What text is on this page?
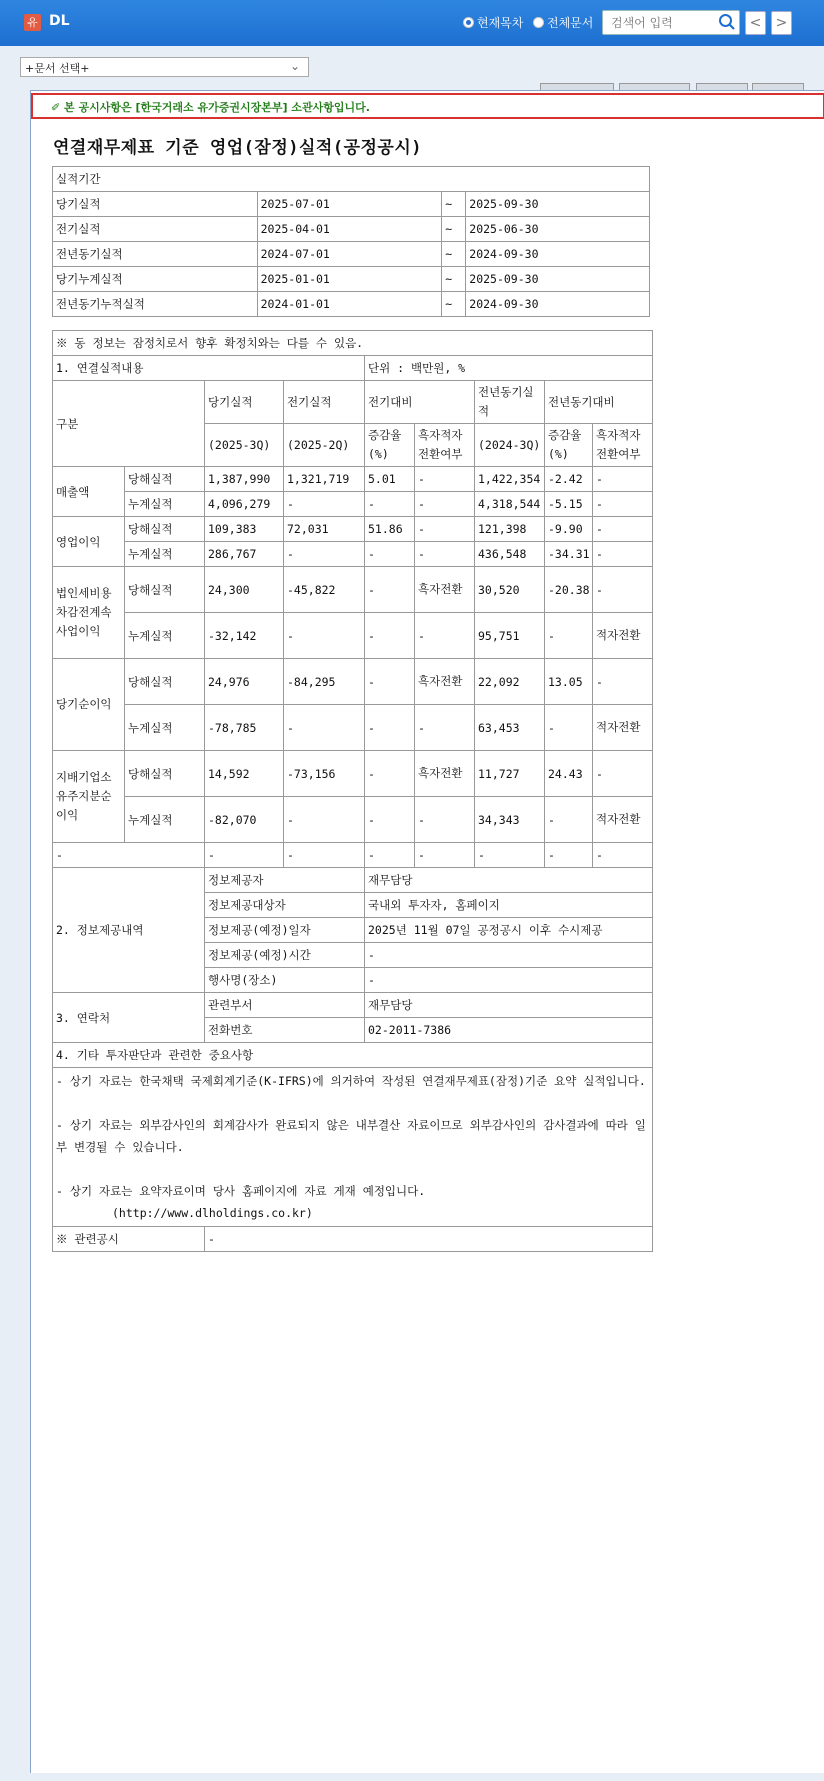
유 DL	현재목차 전체문서
검색어 입력	<	>
+문서 선택+	⌄
✐ 본 공시사항은 [한국거래소 유가증권시장본부] 소관사항입니다.
연결재무제표 기준 영업(잠정)실적(공정공시)
실적기간			
당기실적	2025-07-01	~	2025-09-30
전기실적	2025-04-01	~	2025-06-30
전년동기실적	2024-07-01	~	2024-09-30
당기누계실적	2025-01-01	~	2025-09-30
전년동기누적실적	2024-01-01	~	2024-09-30
※ 동 정보는 잠정치로서 향후 확정치와는 다를 수 있음.								
1. 연결실적내용				단위 : 백만원, %				
구분		당기실적	전기실적	전기대비		전년동기실적	전년동기대비	
		(2025-3Q)	(2025-2Q)	증감율(%)	흑자적자전환여부	(2024-3Q)	증감율(%)	흑자적자전환여부
매출액	당해실적	1,387,990	1,321,719	5.01	-	1,422,354	-2.42	-
	누계실적	4,096,279	-	-	-	4,318,544	-5.15	-
영업이익	당해실적	109,383	72,031	51.86	-	121,398	-9.90	-
	누계실적	286,767	-	-	-	436,548	-34.31	-
법인세비용차감전계속사업이익	당해실적	24,300	-45,822	-	흑자전환	30,520	-20.38	-
	누계실적	-32,142	-	-	-	95,751	-	적자전환
당기순이익	당해실적	24,976	-84,295	-	흑자전환	22,092	13.05	-
	누계실적	-78,785	-	-	-	63,453	-	적자전환
지배기업소유주지분순이익	당해실적	14,592	-73,156	-	흑자전환	11,727	24.43	-
	누계실적	-82,070	-	-	-	34,343	-	적자전환
-		-	-	-	-	-	-	-
2. 정보제공내역		정보제공자		재무담당				
		정보제공대상자		국내외 투자자, 홈페이지				
		정보제공(예정)일자		2025년 11월 07일 공정공시 이후 수시제공				
		정보제공(예정)시간		-				
		행사명(장소)		-				
3. 연락처		관련부서		재무담당				
		전화번호		02-2011-7386				
4. 기타 투자판단과 관련한 중요사항								

- 상기 자료는 한국채택 국제회계기준(K-IFRS)에 의거하여 작성된 연결재무제표(잠정)기준 요약 실적입니다.
- 상기 자료는 외부감사인의 회계감사가 완료되지 않은 내부결산 자료이므로 외부감사인의 감사결과에 따라 일부 변경될 수 있습니다.
- 상기 자료는 요약자료이며 당사 홈페이지에 자료 게재 예정입니다.
(http://www.dlholdings.co.kr)								

※ 관련공시		-						
